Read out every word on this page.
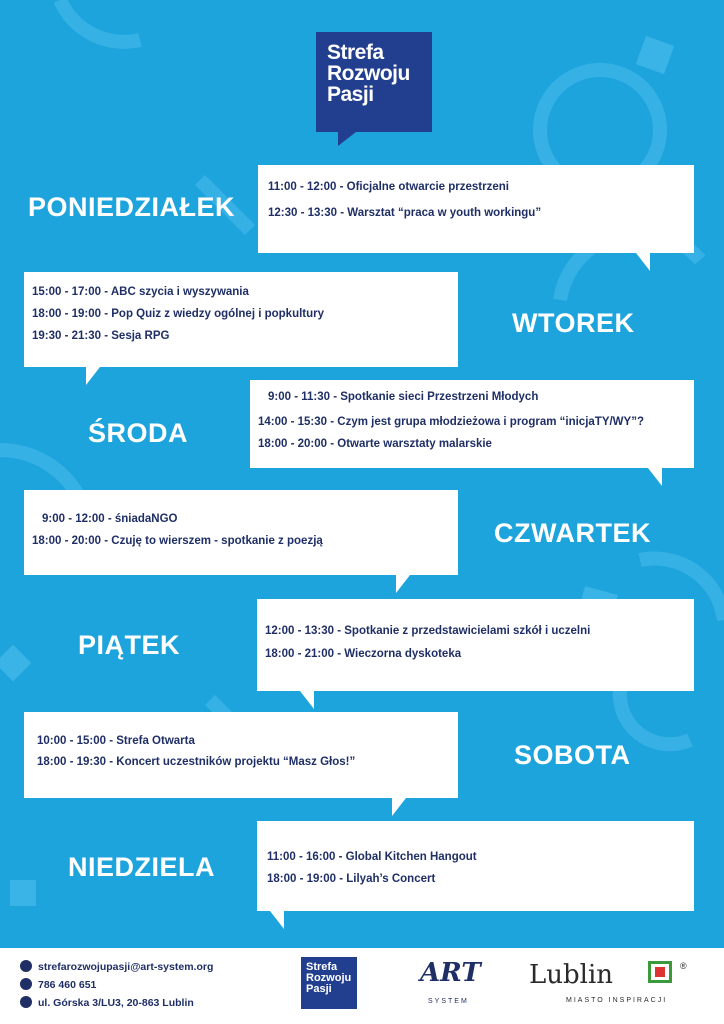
Strefa
Rozwoju
Pasji
PONIEDZIAŁEK
11:00 - 12:00 - Oficjalne otwarcie przestrzeni
12:30 - 13:30 - Warsztat “praca w youth workingu”
WTOREK
15:00 - 17:00 - ABC szycia i wyszywania
18:00 - 19:00 - Pop Quiz z wiedzy ogólnej i popkultury
19:30 - 21:30 - Sesja RPG
ŚRODA
9:00 - 11:30 - Spotkanie sieci Przestrzeni Młodych
14:00 - 15:30 - Czym jest grupa młodzieżowa i program “inicjaTY/WY”?
18:00 - 20:00 - Otwarte warsztaty malarskie
CZWARTEK
9:00 - 12:00 - śniadaNGO
18:00 - 20:00 - Czuję to wierszem - spotkanie z poezją
PIĄTEK	12:00 - 13:30 - Spotkanie z przedstawicielami szkół i uczelni
18:00 - 21:00 - Wieczorna dyskoteka
SOBOTA
10:00 - 15:00 - Strefa Otwarta
18:00 - 19:30 - Koncert uczestników projektu “Masz Głos!”
NIEDZIELA	11:00 - 16:00 - Global Kitchen Hangout
18:00 - 19:00 - Lilyah’s Concert
strefarozwojupasji@art-system.org
786 460 651
ul. Górska 3/LU3, 20-863 Lublin
Strefa
Rozwoju
Pasji
ART
SYSTEM
Lublin	®
MIASTO INSPIRACJI
